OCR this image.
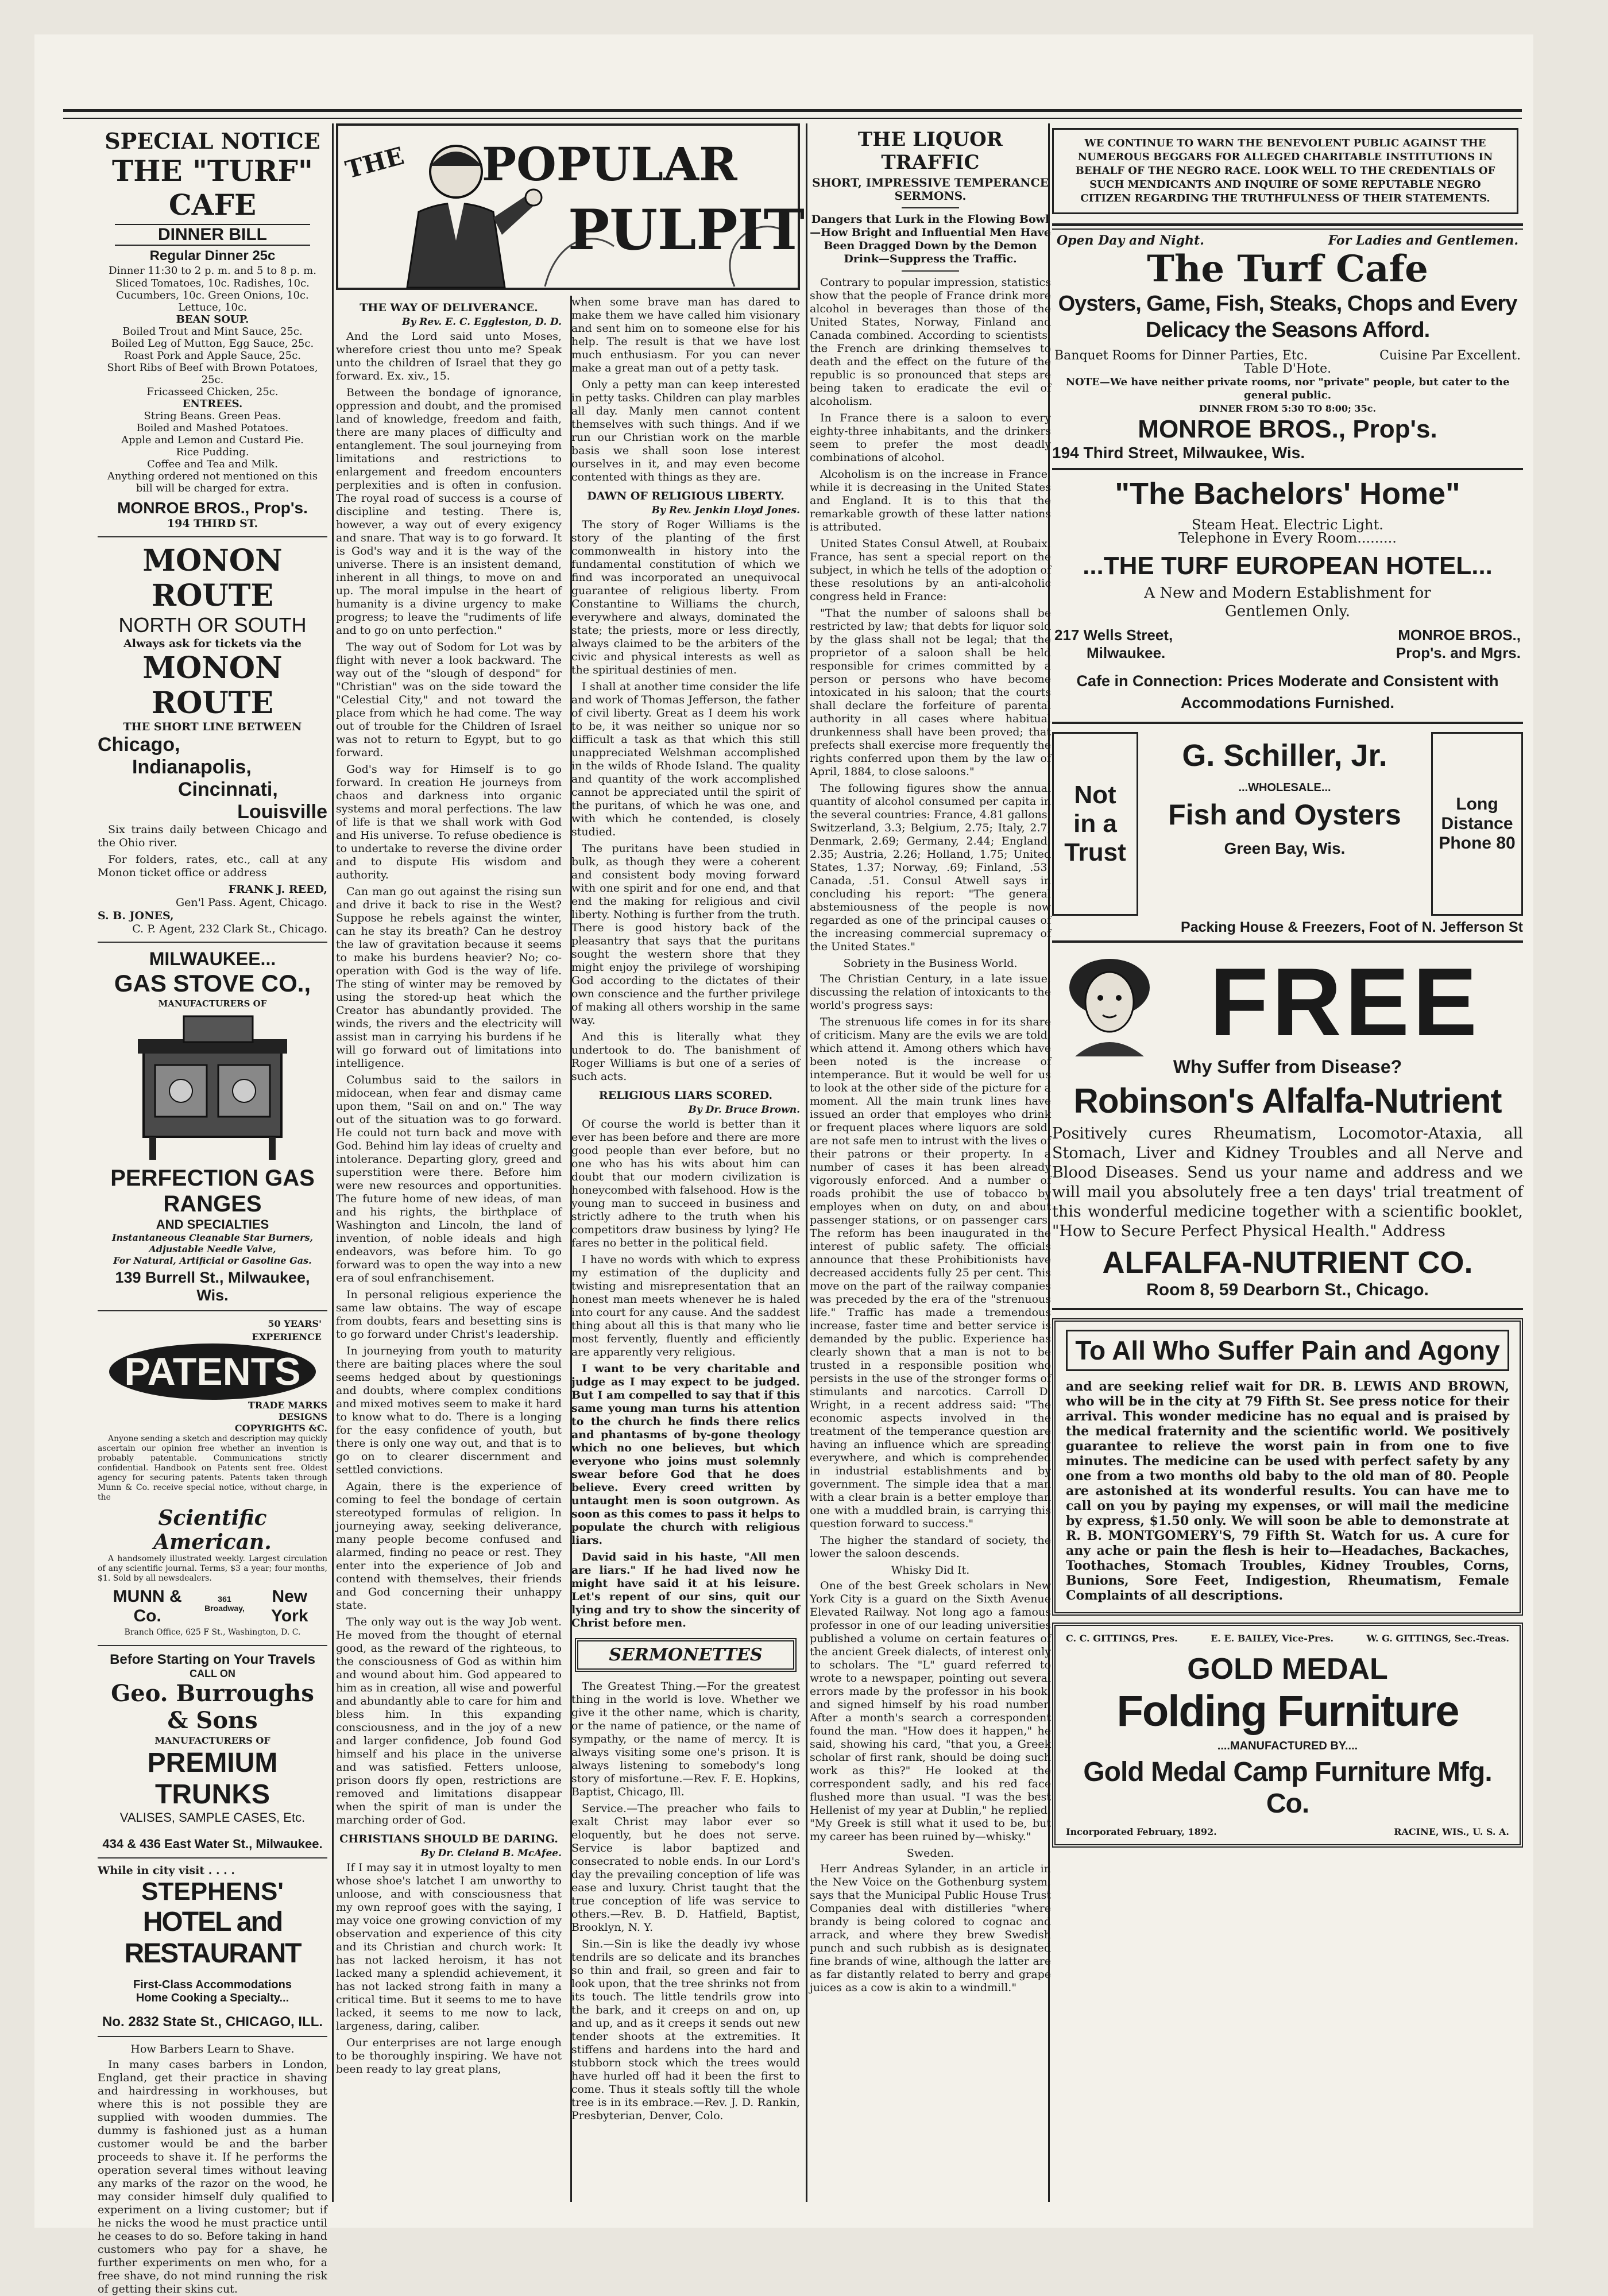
SPECIAL NOTICE
THE "TURF" CAFE
DINNER BILL
Regular Dinner 25c
Dinner 11:30 to 2 p. m. and 5 to 8 p. m.
Sliced Tomatoes, 10c. Radishes, 10c.
Cucumbers, 10c. Green Onions, 10c.
Lettuce, 10c.
BEAN SOUP.
Boiled Trout and Mint Sauce, 25c.
Boiled Leg of Mutton, Egg Sauce, 25c.
Roast Pork and Apple Sauce, 25c.
Short Ribs of Beef with Brown Potatoes, 25c.
Fricasseed Chicken, 25c.
ENTREES.
String Beans. Green Peas.
Boiled and Mashed Potatoes.
Apple and Lemon and Custard Pie.
Rice Pudding.
Coffee and Tea and Milk.
Anything ordered not mentioned on this bill will be charged for extra.
MONROE BROS., Prop's.
194 THIRD ST.
MONON ROUTE
NORTH OR SOUTH
Always ask for tickets via the
MONON ROUTE
THE SHORT LINE BETWEEN
Chicago,
Indianapolis,
Cincinnati,
Louisville

Six trains daily between Chicago and the Ohio river.

For folders, rates, etc., call at any Monon ticket office or address

FRANK J. REED,
Gen'l Pass. Agent, Chicago.
S. B. JONES,
C. P. Agent, 232 Clark St., Chicago.
MILWAUKEE...
GAS STOVE CO.,
MANUFACTURERS OF
PERFECTION GAS RANGES
AND SPECIALTIES
Instantaneous Cleanable Star Burners,
Adjustable Needle Valve,
For Natural, Artificial or Gasoline Gas.
139 Burrell St., Milwaukee, Wis.
50 YEARS' EXPERIENCE
PATENTS
TRADE MARKS
DESIGNS
COPYRIGHTS &C.

Anyone sending a sketch and description may quickly ascertain our opinion free whether an invention is probably patentable. Communications strictly confidential. Handbook on Patents sent free. Oldest agency for securing patents. Patents taken through Munn & Co. receive special notice, without charge, in the

Scientific American.

A handsomely illustrated weekly. Largest circulation of any scientific journal. Terms, $3 a year; four months, $1. Sold by all newsdealers.

MUNN & Co.
361 Broadway,
New York
Branch Office, 625 F St., Washington, D. C.
Before Starting on Your Travels
CALL ON
Geo. Burroughs & Sons
MANUFACTURERS OF
PREMIUM TRUNKS
VALISES, SAMPLE CASES, Etc.
434 & 436 East Water St., Milwaukee.
While in city visit . . . .
STEPHENS'
HOTEL and RESTAURANT
First-Class Accommodations
Home Cooking a Specialty...
No. 2832 State St., CHICAGO, ILL.
How Barbers Learn to Shave.

In many cases barbers in London, England, get their practice in shaving and hairdressing in workhouses, but where this is not possible they are supplied with wooden dummies. The dummy is fashioned just as a human customer would be and the barber proceeds to shave it. If he performs the operation several times without leaving any marks of the razor on the wood, he may consider himself duly qualified to experiment on a living customer; but if he nicks the wood he must practice until he ceases to do so. Before taking in hand customers who pay for a shave, he further experiments on men who, for a free shave, do not mind running the risk of getting their skins cut.

THE POPULAR
PULPIT
THE WAY OF DELIVERANCE.
By Rev. E. C. Eggleston, D. D.

And the Lord said unto Moses, wherefore criest thou unto me? Speak unto the children of Israel that they go forward. Ex. xiv., 15.

Between the bondage of ignorance, oppression and doubt, and the promised land of knowledge, freedom and faith, there are many places of difficulty and entanglement. The soul journeying from limitations and restrictions to enlargement and freedom encounters perplexities and is often in confusion. The royal road of success is a course of discipline and testing. There is, however, a way out of every exigency and snare. That way is to go forward. It is God's way and it is the way of the universe. There is an insistent demand, inherent in all things, to move on and up. The moral impulse in the heart of humanity is a divine urgency to make progress; to leave the "rudiments of life and to go on unto perfection."

The way out of Sodom for Lot was by flight with never a look backward. The way out of the "slough of despond" for "Christian" was on the side toward the "Celestial City," and not toward the place from which he had come. The way out of trouble for the Children of Israel was not to return to Egypt, but to go forward.

God's way for Himself is to go forward. In creation He journeys from chaos and darkness into organic systems and moral perfections. The law of life is that we shall work with God and His universe. To refuse obedience is to undertake to reverse the divine order and to dispute His wisdom and authority.

Can man go out against the rising sun and drive it back to rise in the West? Suppose he rebels against the winter, can he stay its breath? Can he destroy the law of gravitation because it seems to make his burdens heavier? No; co-operation with God is the way of life. The sting of winter may be removed by using the stored-up heat which the Creator has abundantly provided. The winds, the rivers and the electricity will assist man in carrying his burdens if he will go forward out of limitations into intelligence.

Columbus said to the sailors in midocean, when fear and dismay came upon them, "Sail on and on." The way out of the situation was to go forward. He could not turn back and move with God. Behind him lay ideas of cruelty and intolerance. Departing glory, greed and superstition were there. Before him were new resources and opportunities. The future home of new ideas, of man and his rights, the birthplace of Washington and Lincoln, the land of invention, of noble ideals and high endeavors, was before him. To go forward was to open the way into a new era of soul enfranchisement.

In personal religious experience the same law obtains. The way of escape from doubts, fears and besetting sins is to go forward under Christ's leadership.

In journeying from youth to maturity there are baiting places where the soul seems hedged about by questionings and doubts, where complex conditions and mixed motives seem to make it hard to know what to do. There is a longing for the easy confidence of youth, but there is only one way out, and that is to go on to clearer discernment and settled convictions.

Again, there is the experience of coming to feel the bondage of certain stereotyped formulas of religion. In journeying away, seeking deliverance, many people become confused and alarmed, finding no peace or rest. They enter into the experience of Job and contend with themselves, their friends and God concerning their unhappy state.

The only way out is the way Job went. He moved from the thought of eternal good, as the reward of the righteous, to the consciousness of God as within him and wound about him. God appeared to him as in creation, all wise and powerful and abundantly able to care for him and bless him. In this expanding consciousness, and in the joy of a new and larger confidence, Job found God himself and his place in the universe and was satisfied. Fetters unloose, prison doors fly open, restrictions are removed and limitations disappear when the spirit of man is under the marching order of God.

CHRISTIANS SHOULD BE DARING.
By Dr. Cleland B. McAfee.

If I may say it in utmost loyalty to men whose shoe's latchet I am unworthy to unloose, and with consciousness that my own reproof goes with the saying, I may voice one growing conviction of my observation and experience of this city and its Christian and church work: It has not lacked heroism, it has not lacked many a splendid achievement, it has not lacked strong faith in many a critical time. But it seems to me to have lacked, it seems to me now to lack, largeness, daring, caliber.

Our enterprises are not large enough to be thoroughly inspiring. We have not been ready to lay great plans,

when some brave man has dared to make them we have called him visionary and sent him on to someone else for his help. The result is that we have lost much enthusiasm. For you can never make a great man out of a petty task.

Only a petty man can keep interested in petty tasks. Children can play marbles all day. Manly men cannot content themselves with such things. And if we run our Christian work on the marble basis we shall soon lose interest ourselves in it, and may even become contented with things as they are.

DAWN OF RELIGIOUS LIBERTY.
By Rev. Jenkin Lloyd Jones.

The story of Roger Williams is the story of the planting of the first commonwealth in history into the fundamental constitution of which we find was incorporated an unequivocal guarantee of religious liberty. From Constantine to Williams the church, everywhere and always, dominated the state; the priests, more or less directly, always claimed to be the arbiters of the civic and physical interests as well as the spiritual destinies of men.

I shall at another time consider the life and work of Thomas Jefferson, the father of civil liberty. Great as I deem his work to be, it was neither so unique nor so difficult a task as that which this still unappreciated Welshman accomplished in the wilds of Rhode Island. The quality and quantity of the work accomplished cannot be appreciated until the spirit of the puritans, of which he was one, and with which he contended, is closely studied.

The puritans have been studied in bulk, as though they were a coherent and consistent body moving forward with one spirit and for one end, and that end the making for religious and civil liberty. Nothing is further from the truth. There is good history back of the pleasantry that says that the puritans sought the western shore that they might enjoy the privilege of worshiping God according to the dictates of their own conscience and the further privilege of making all others worship in the same way.

And this is literally what they undertook to do. The banishment of Roger Williams is but one of a series of such acts.

RELIGIOUS LIARS SCORED.
By Dr. Bruce Brown.

Of course the world is better than it ever has been before and there are more good people than ever before, but no one who has his wits about him can doubt that our modern civilization is honeycombed with falsehood. How is the young man to succeed in business and strictly adhere to the truth when his competitors draw business by lying? He fares no better in the political field.

I have no words with which to express my estimation of the duplicity and twisting and misrepresentation that an honest man meets whenever he is haled into court for any cause. And the saddest thing about all this is that many who lie most fervently, fluently and efficiently are apparently very religious.

I want to be very charitable and judge as I may expect to be judged. But I am compelled to say that if this same young man turns his attention to the church he finds there relics and phantasms of by-gone theology which no one believes, but which everyone who joins must solemnly swear before God that he does believe. Every creed written by untaught men is soon outgrown. As soon as this comes to pass it helps to populate the church with religious liars.

David said in his haste, "All men are liars." If he had lived now he might have said it at his leisure. Let's repent of our sins, quit our lying and try to show the sincerity of Christ before men.

SERMONETTES

The Greatest Thing.—For the greatest thing in the world is love. Whether we give it the other name, which is charity, or the name of patience, or the name of sympathy, or the name of mercy. It is always visiting some one's prison. It is always listening to somebody's long story of misfortune.—Rev. F. E. Hopkins, Baptist, Chicago, Ill.

Service.—The preacher who fails to exalt Christ may labor ever so eloquently, but he does not serve. Service is labor baptized and consecrated to noble ends. In our Lord's day the prevailing conception of life was ease and luxury. Christ taught that the true conception of life was service to others.—Rev. B. D. Hatfield, Baptist, Brooklyn, N. Y.

Sin.—Sin is like the deadly ivy whose tendrils are so delicate and its branches so thin and frail, so green and fair to look upon, that the tree shrinks not from its touch. The little tendrils grow into the bark, and it creeps on and on, up and up, and as it creeps it sends out new tender shoots at the extremities. It stiffens and hardens into the hard and stubborn stock which the trees would have hurled off had it been the first to come. Thus it steals softly till the whole tree is in its embrace.—Rev. J. D. Rankin, Presbyterian, Denver, Colo.

THE LIQUOR TRAFFIC
SHORT, IMPRESSIVE TEMPERANCE SERMONS.

Dangers that Lurk in the Flowing Bowl—How Bright and Influential Men Have Been Dragged Down by the Demon Drink—Suppress the Traffic.

Contrary to popular impression, statistics show that the people of France drink more alcohol in beverages than those of the United States, Norway, Finland and Canada combined. According to scientists, the French are drinking themselves to death and the effect on the future of the republic is so pronounced that steps are being taken to eradicate the evil of alcoholism.

In France there is a saloon to every eighty-three inhabitants, and the drinkers seem to prefer the most deadly combinations of alcohol.

Alcoholism is on the increase in France, while it is decreasing in the United States and England. It is to this that the remarkable growth of these latter nations is attributed.

United States Consul Atwell, at Roubaix, France, has sent a special report on the subject, in which he tells of the adoption of these resolutions by an anti-alcoholic congress held in France:

"That the number of saloons shall be restricted by law; that debts for liquor sold by the glass shall not be legal; that the proprietor of a saloon shall be held responsible for crimes committed by a person or persons who have become intoxicated in his saloon; that the courts shall declare the forfeiture of parental authority in all cases where habitual drunkenness shall have been proved; that prefects shall exercise more frequently the rights conferred upon them by the law of April, 1884, to close saloons."

The following figures show the annual quantity of alcohol consumed per capita in the several countries: France, 4.81 gallons; Switzerland, 3.3; Belgium, 2.75; Italy, 2.7; Denmark, 2.69; Germany, 2.44; England, 2.35; Austria, 2.26; Holland, 1.75; United States, 1.37; Norway, .69; Finland, .53; Canada, .51. Consul Atwell says in concluding his report: "The general abstemiousness of the people is now regarded as one of the principal causes of the increasing commercial supremacy of the United States."

Sobriety in the Business World.

The Christian Century, in a late issue, discussing the relation of intoxicants to the world's progress says:

The strenuous life comes in for its share of criticism. Many are the evils we are told, which attend it. Among others which have been noted is the increase of intemperance. But it would be well for us to look at the other side of the picture for a moment. All the main trunk lines have issued an order that employes who drink or frequent places where liquors are sold, are not safe men to intrust with the lives of their patrons or their property. In a number of cases it has been already vigorously enforced. And a number of roads prohibit the use of tobacco by employes when on duty, on and about passenger stations, or on passenger cars. The reform has been inaugurated in the interest of public safety. The officials announce that these Prohibitionists have decreased accidents fully 25 per cent. This move on the part of the railway companies was preceded by the era of the "strenuous life." Traffic has made a tremendous increase, faster time and better service is demanded by the public. Experience has clearly shown that a man is not to be trusted in a responsible position who persists in the use of the stronger forms of stimulants and narcotics. Carroll D. Wright, in a recent address said: "The economic aspects involved in the treatment of the temperance question are having an influence which are spreading everywhere, and which is comprehended in industrial establishments and by government. The simple idea that a man with a clear brain is a better employe than one with a muddled brain, is carrying this question forward to success."

The higher the standard of society, the lower the saloon descends.

Whisky Did It.

One of the best Greek scholars in New York City is a guard on the Sixth Avenue Elevated Railway. Not long ago a famous professor in one of our leading universities published a volume on certain features of the ancient Greek dialects, of interest only to scholars. The "L" guard referred to wrote to a newspaper, pointing out several errors made by the professor in his book, and signed himself by his road number. After a month's search a correspondent found the man. "How does it happen," he said, showing his card, "that you, a Greek scholar of first rank, should be doing such work as this?" He looked at the correspondent sadly, and his red face flushed more than usual. "I was the best Hellenist of my year at Dublin," he replied. "My Greek is still what it used to be, but my career has been ruined by—whisky."

Sweden.

Herr Andreas Sylander, in an article in the New Voice on the Gothenburg system, says that the Municipal Public House Trust Companies deal with distilleries "where brandy is being colored to cognac and arrack, and where they brew Swedish punch and such rubbish as is designated fine brands of wine, although the latter are as far distantly related to berry and grape juices as a cow is akin to a windmill."

WE CONTINUE TO WARN THE BENEVOLENT PUBLIC AGAINST THE NUMEROUS BEGGARS FOR ALLEGED CHARITABLE INSTITUTIONS IN BEHALF OF THE NEGRO RACE. LOOK WELL TO THE CREDENTIALS OF SUCH MENDICANTS AND INQUIRE OF SOME REPUTABLE NEGRO CITIZEN REGARDING THE TRUTHFULNESS OF THEIR STATEMENTS.
Open Day and Night.	For Ladies and Gentlemen.
The Turf Cafe
Oysters, Game, Fish, Steaks, Chops and Every Delicacy the Seasons Afford.
Banquet Rooms for Dinner Parties, Etc.	Cuisine Par Excellent.
Table D'Hote.
NOTE—We have neither private rooms, nor "private" people, but cater to the general public.
DINNER FROM 5:30 TO 8:00; 35c.
MONROE BROS., Prop's.
194 Third Street, Milwaukee, Wis.
"The Bachelors' Home"
Steam Heat. Electric Light.
Telephone in Every Room.........
...THE TURF EUROPEAN HOTEL...
A New and Modern Establishment for Gentlemen Only.
217 Wells Street,	MONROE BROS.,
Milwaukee.	Prop's. and Mgrs.
Cafe in Connection: Prices Moderate and Consistent with Accommodations Furnished.
Not
in a
Trust
G. Schiller, Jr.
...WHOLESALE...
Fish and Oysters
Green Bay, Wis.
Long
Distance
Phone 80
Packing House & Freezers, Foot of N. Jefferson St
FREE
Why Suffer from Disease?
Robinson's Alfalfa-Nutrient

Positively cures Rheumatism, Locomotor-Ataxia, all Stomach, Liver and Kidney Troubles and all Nerve and Blood Diseases. Send us your name and address and we will mail you absolutely free a ten days' trial treatment of this wonderful medicine together with a scientific booklet, "How to Secure Perfect Physical Health." Address

ALFALFA-NUTRIENT CO.
Room 8, 59 Dearborn St., Chicago.
To All Who Suffer Pain and Agony

and are seeking relief wait for DR. B. LEWIS AND BROWN, who will be in the city at 79 Fifth St. See press notice for their arrival. This wonder medicine has no equal and is praised by the medical fraternity and the scientific world. We positively guarantee to relieve the worst pain in from one to five minutes. The medicine can be used with perfect safety by any one from a two months old baby to the old man of 80. People are astonished at its wonderful results. You can have me to call on you by paying my expenses, or will mail the medicine by express, $1.50 only. We will soon be able to demonstrate at R. B. MONTGOMERY'S, 79 Fifth St. Watch for us. A cure for any ache or pain the flesh is heir to—Headaches, Backaches, Toothaches, Stomach Troubles, Kidney Troubles, Corns, Bunions, Sore Feet, Indigestion, Rheumatism, Female Complaints of all descriptions.

C. C. GITTINGS, Pres.	E. E. BAILEY, Vice-Pres.	W. G. GITTINGS, Sec.-Treas.
GOLD MEDAL
Folding Furniture
....MANUFACTURED BY....
Gold Medal Camp Furniture Mfg. Co.
Incorporated February, 1892.	RACINE, WIS., U. S. A.
